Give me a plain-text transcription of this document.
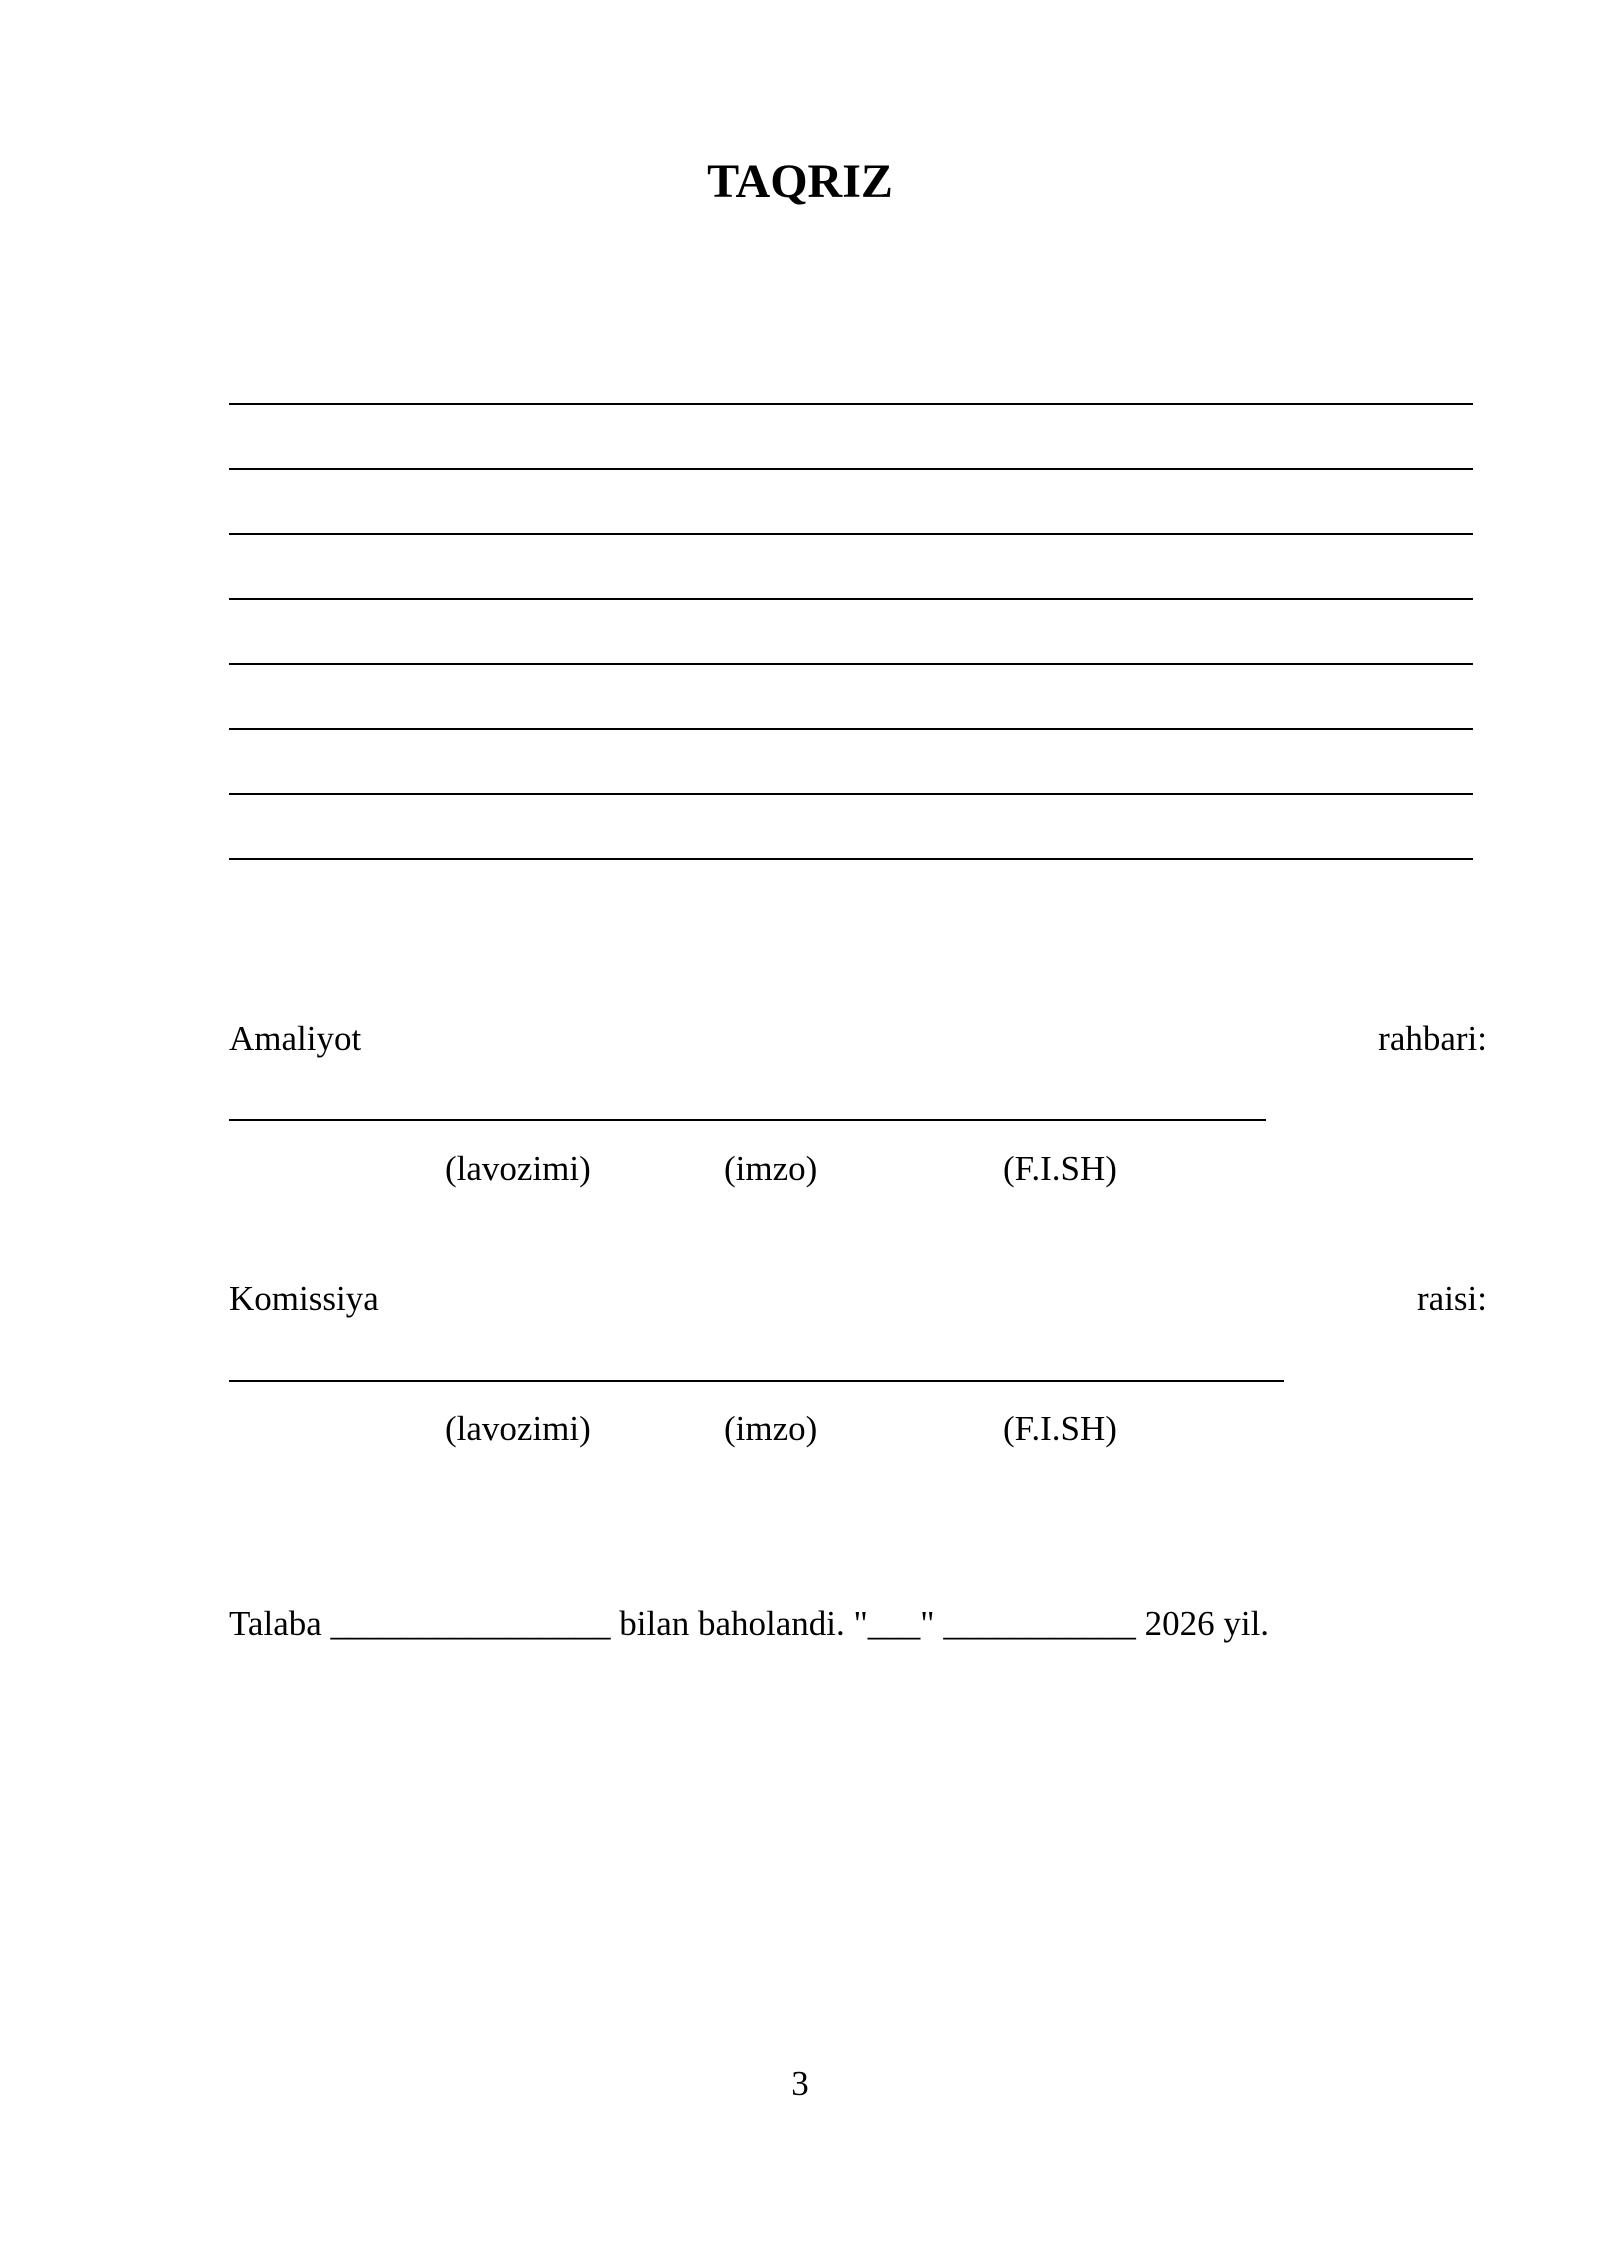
TAQRIZ
Amaliyot	rahbari:
(lavozimi)	(imzo)	(F.I.SH)
Komissiya	raisi:
(lavozimi)	(imzo)	(F.I.SH)
Talaba ________________ bilan baholandi. "___" ___________ 2026 yil.
3
